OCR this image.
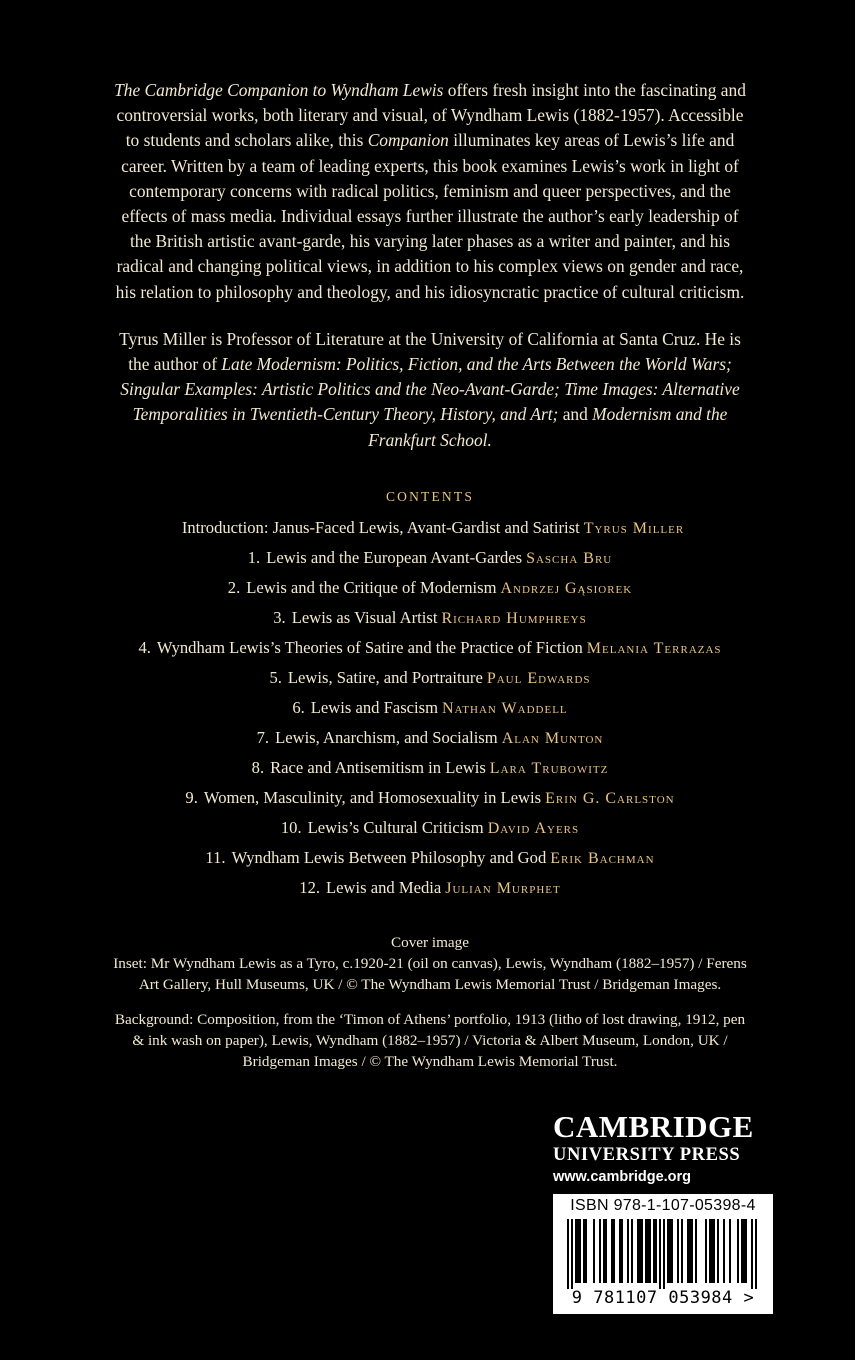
The Cambridge Companion to Wyndham Lewis offers fresh insight into the fascinating and controversial works, both literary and visual, of Wyndham Lewis (1882-1957). Accessible to students and scholars alike, this Companion illuminates key areas of Lewis’s life and career. Written by a team of leading experts, this book examines Lewis’s work in light of contemporary concerns with radical politics, feminism and queer perspectives, and the effects of mass media. Individual essays further illustrate the author’s early leadership of the British artistic avant-garde, his varying later phases as a writer and painter, and his radical and changing political views, in addition to his complex views on gender and race, his relation to philosophy and theology, and his idiosyncratic practice of cultural criticism.

Tyrus Miller is Professor of Literature at the University of California at Santa Cruz. He is the author of Late Modernism: Politics, Fiction, and the Arts Between the World Wars; Singular Examples: Artistic Politics and the Neo-Avant-Garde; Time Images: Alternative Temporalities in Twentieth-Century Theory, History, and Art; and Modernism and the Frankfurt School.

CONTENTS
Introduction: Janus-Faced Lewis, Avant-Gardist and Satirist Tyrus Miller
1. Lewis and the European Avant-Gardes Sascha Bru
2. Lewis and the Critique of Modernism Andrzej Gąsiorek
3. Lewis as Visual Artist Richard Humphreys
4. Wyndham Lewis’s Theories of Satire and the Practice of Fiction Melania Terrazas
5. Lewis, Satire, and Portraiture Paul Edwards
6. Lewis and Fascism Nathan Waddell
7. Lewis, Anarchism, and Socialism Alan Munton
8. Race and Antisemitism in Lewis Lara Trubowitz
9. Women, Masculinity, and Homosexuality in Lewis Erin G. Carlston
10. Lewis’s Cultural Criticism David Ayers
11. Wyndham Lewis Between Philosophy and God Erik Bachman
12. Lewis and Media Julian Murphet

Cover image

Inset: Mr Wyndham Lewis as a Tyro, c.1920-21 (oil on canvas), Lewis, Wyndham (1882–1957) / Ferens Art Gallery, Hull Museums, UK / © The Wyndham Lewis Memorial Trust / Bridgeman Images.

Background: Composition, from the ‘Timon of Athens’ portfolio, 1913 (litho of lost drawing, 1912, pen & ink wash on paper), Lewis, Wyndham (1882–1957) / Victoria & Albert Museum, London, UK / Bridgeman Images / © The Wyndham Lewis Memorial Trust.

CAMBRIDGE
UNIVERSITY PRESS
www.cambridge.org
ISBN 978-1-107-05398-4
9 781107 053984 >
